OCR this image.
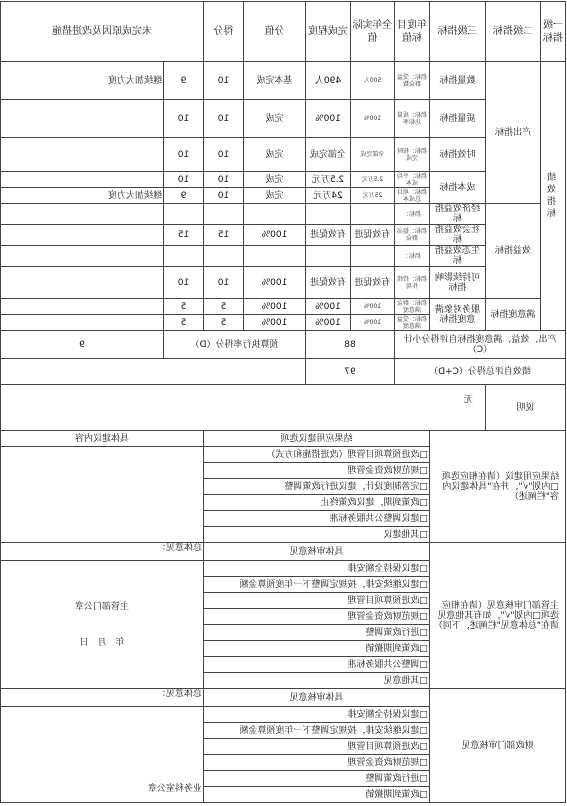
一级指标	二级指标	三级指标	年度目标值	全年实际值	完成程度	分值	得分	未完成原因及改进措施	
绩效指标	产出指标	数量指标	指标：受益群众数	500人	490人	基本完成	10	9	继续加大力度
		质量指标	指标：质量达标率	100%	100%	完成	10	10	
		时效指标	指标：按时完成	全部完成	全部完成	完成	10	10	
		成本指标	指标：平均成本	2.5万元	2.5万元	完成	10	10	
			指标：项目总成本	25万元	24万元	完成	10	9	继续加大力度
	效益指标	经济效益指标	指标：						
		社会效益指标	指标：提高群众	有效促进	有效促进	100%	15	15	
		生态效益指标	指标：						
		可持续影响指标	指标：持续作用	有效促进	有效促进	100%	10	10	
	满意度指标	服务对象满意度指标	指标：群众满意度	100%	100%	100%	5	5	
			指标：受益满意度	100%	100%	100%	5	5	
产出、效益、满意度指标自评得分小计（C）				88		预算执行率得分（D）			9
绩效自评总得分（C+D）				97					
说明		无							
结果应用建议（请在相应选项□内划"√"，并在"具体建议内容"栏阐述）			结果应用建议选项					具体建议内容	
			□改进预算项目管理（改进措施和方式）						
			□规范财政资金管理						
			□完善制度设计，建议进行政策调整						
			□政策到期，建议政策终止						
			□建议调整公共服务标准						
			□其他建议						
主管部门审核意见（请在相应选项□内划"√"，如有其他意见请在"总体意见"栏阐述，下同）			具体审核意见					总体意见：	
			□建议保持全额安排					主管部门公章
年　月　日	

			□建议继续安排，按规定调整下一年度预算金额						
			□改进预算项目管理						
			□规范财政资金管理						
			□进行政策调整						
			□政策到期撤销						
			□调整公共服务标准						
			□其他意见						
财政部门审核意见			具体审核意见					总体意见：	
			□建议保持全额安排					业务科室公章	
			□建议继续安排，按规定调整下一年度预算金额						
			□改进预算项目管理						
			□规范财政资金管理						
			□进行政策调整						
			□政策到期撤销						
